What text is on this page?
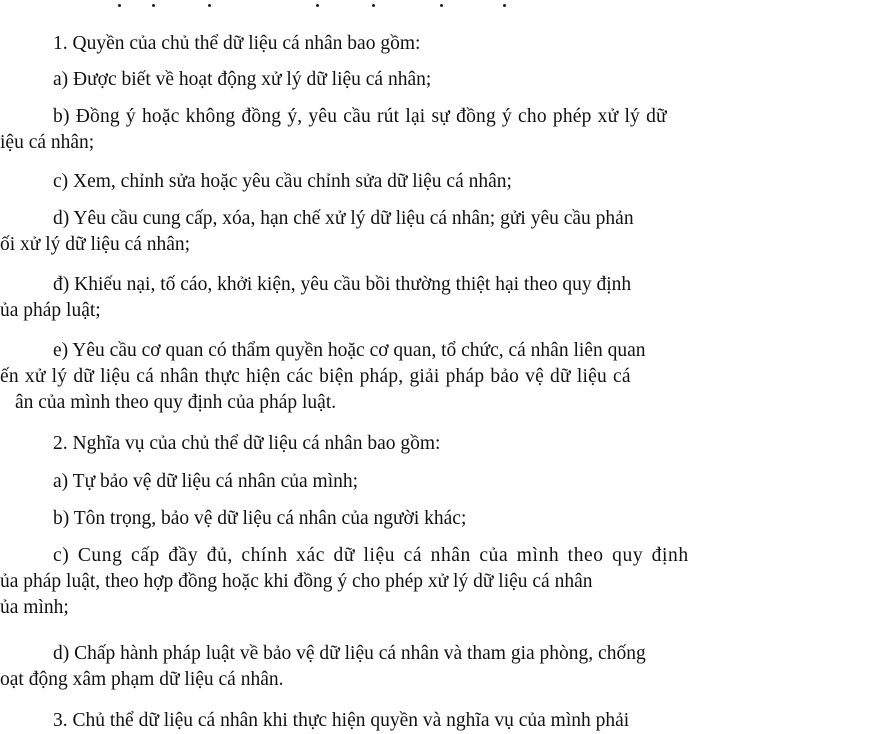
1. Quyền của chủ thể dữ liệu cá nhân bao gồm:

a) Được biết về hoạt động xử lý dữ liệu cá nhân;

b) Đồng ý hoặc không đồng ý, yêu cầu rút lại sự đồng ý cho phép xử lý dữ
iệu cá nhân;

c) Xem, chỉnh sửa hoặc yêu cầu chỉnh sửa dữ liệu cá nhân;

d) Yêu cầu cung cấp, xóa, hạn chế xử lý dữ liệu cá nhân; gửi yêu cầu phản
ối xử lý dữ liệu cá nhân;

đ) Khiếu nại, tố cáo, khởi kiện, yêu cầu bồi thường thiệt hại theo quy định
ủa pháp luật;

e) Yêu cầu cơ quan có thẩm quyền hoặc cơ quan, tổ chức, cá nhân liên quan
ến xử lý dữ liệu cá nhân thực hiện các biện pháp, giải pháp bảo vệ dữ liệu cá
ân của mình theo quy định của pháp luật.

2. Nghĩa vụ của chủ thể dữ liệu cá nhân bao gồm:

a) Tự bảo vệ dữ liệu cá nhân của mình;

b) Tôn trọng, bảo vệ dữ liệu cá nhân của người khác;

c) Cung cấp đầy đủ, chính xác dữ liệu cá nhân của mình theo quy định
ủa pháp luật, theo hợp đồng hoặc khi đồng ý cho phép xử lý dữ liệu cá nhân
ủa mình;

d) Chấp hành pháp luật về bảo vệ dữ liệu cá nhân và tham gia phòng, chống
oạt động xâm phạm dữ liệu cá nhân.

3. Chủ thể dữ liệu cá nhân khi thực hiện quyền và nghĩa vụ của mình phải
